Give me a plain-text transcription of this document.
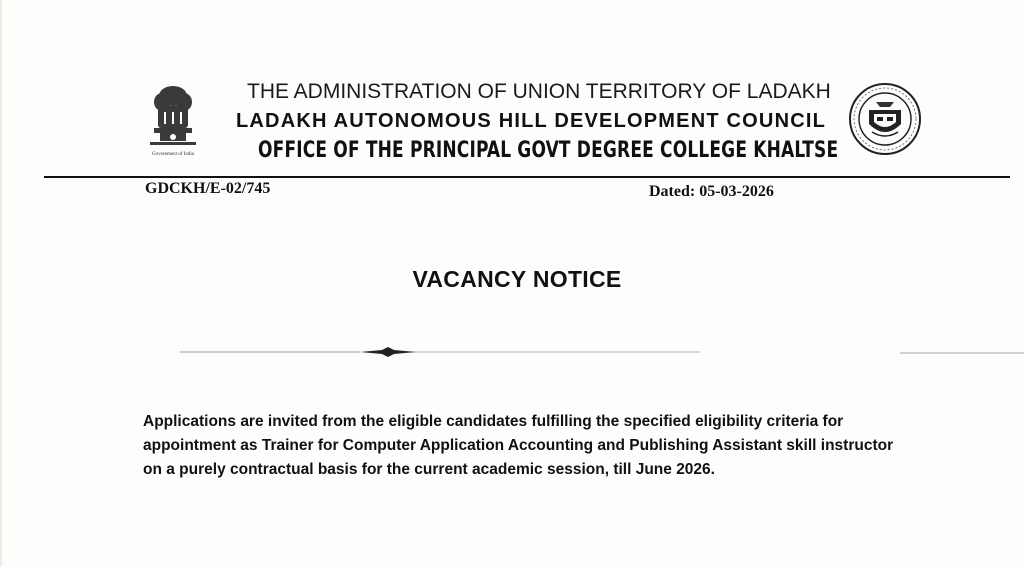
Government of India
THE ADMINISTRATION OF UNION TERRITORY OF LADAKH
LADAKH AUTONOMOUS HILL DEVELOPMENT COUNCIL
OFFICE OF THE PRINCIPAL GOVT DEGREE COLLEGE KHALTSE
GDCKH/E-02/745	Dated: 05-03-2026
VACANCY NOTICE
Applications are invited from the eligible candidates fulfilling the specified eligibility criteria for appointment as Trainer for Computer Application Accounting and Publishing Assistant skill instructor on a purely contractual basis for the current academic session, till June 2026.
